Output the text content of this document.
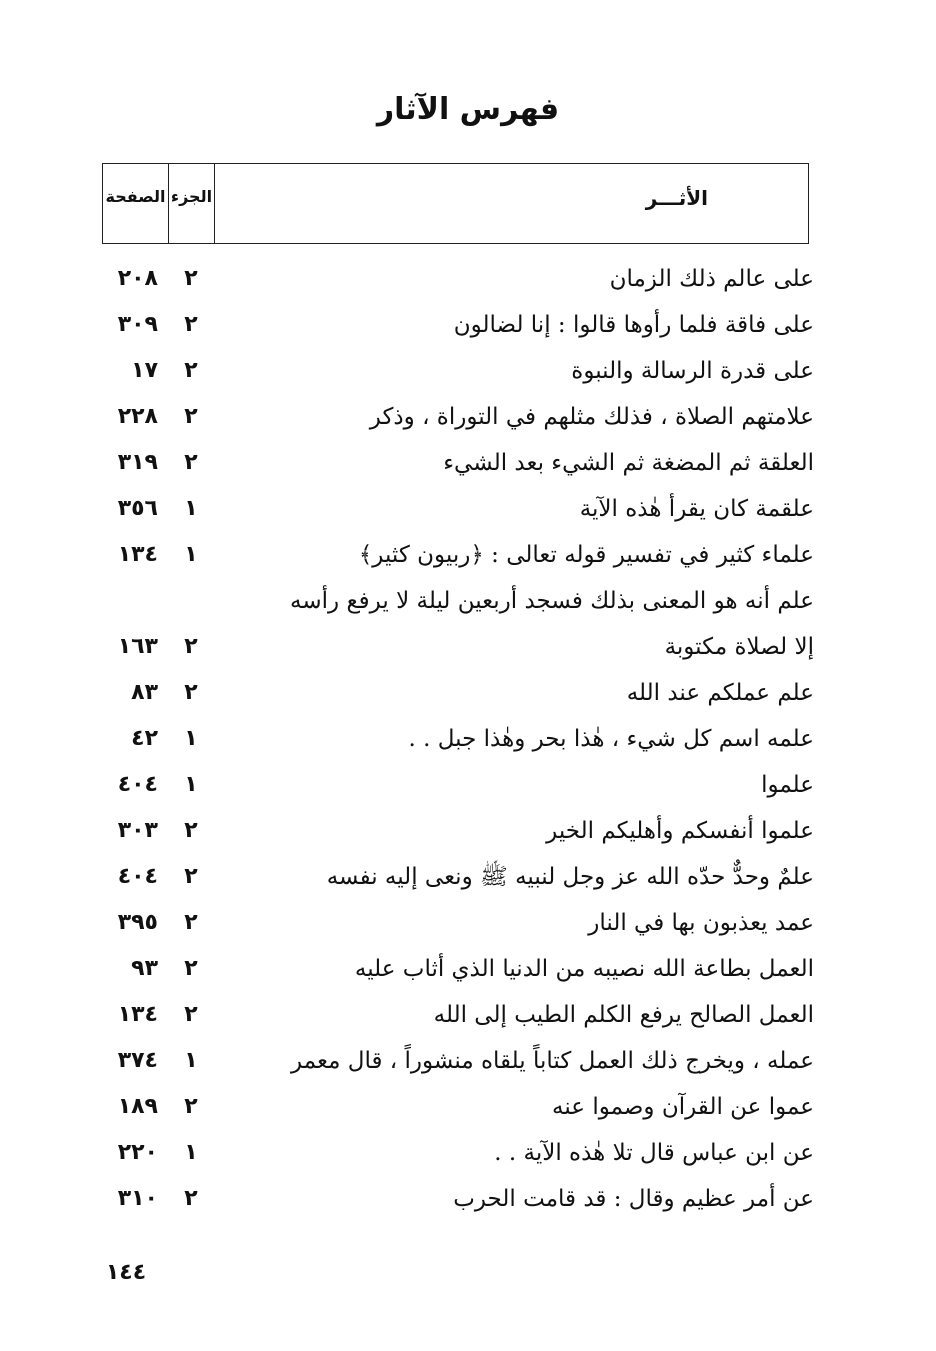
فهرس الآثار
الصفحة الجزء	الأثـــر
على عالم ذلك الزمان
٢
٢٠٨
على فاقة فلما رأوها قالوا : إنا لضالون
٢
٣٠٩
على قدرة الرسالة والنبوة
٢
١٧
علامتهم الصلاة ، فذلك مثلهم في التوراة ، وذكر
٢
٢٢٨
العلقة ثم المضغة ثم الشيء بعد الشيء
٢
٣١٩
علقمة كان يقرأ هٰذه الآية
١
٣٥٦
علماء كثير في تفسير قوله تعالى : ﴿ربيون كثير﴾
١
١٣٤
علم أنه هو المعنى بذلك فسجد أربعين ليلة لا يرفع رأسه
إلا لصلاة مكتوبة
٢
١٦٣
علم عملكم عند الله
٢
٨٣
علمه اسم كل شيء ، هٰذا بحر وهٰذا جبل . .
١
٤٢
علموا
١
٤٠٤
علموا أنفسكم وأهليكم الخير
٢
٣٠٣
علمٌ وحدٌّ حدّه الله عز وجل لنبيه ﷺ ونعى إليه نفسه
٢
٤٠٤
عمد يعذبون بها في النار
٢
٣٩٥
العمل بطاعة الله نصيبه من الدنيا الذي أثاب عليه
٢
٩٣
العمل الصالح يرفع الكلم الطيب إلى الله
٢
١٣٤
عمله ، ويخرج ذلك العمل كتاباً يلقاه منشوراً ، قال معمر
١
٣٧٤
عموا عن القرآن وصموا عنه
٢
١٨٩
عن ابن عباس قال تلا هٰذه الآية . .
١
٢٢٠
عن أمر عظيم وقال : قد قامت الحرب
٢
٣١٠
١٤٤
